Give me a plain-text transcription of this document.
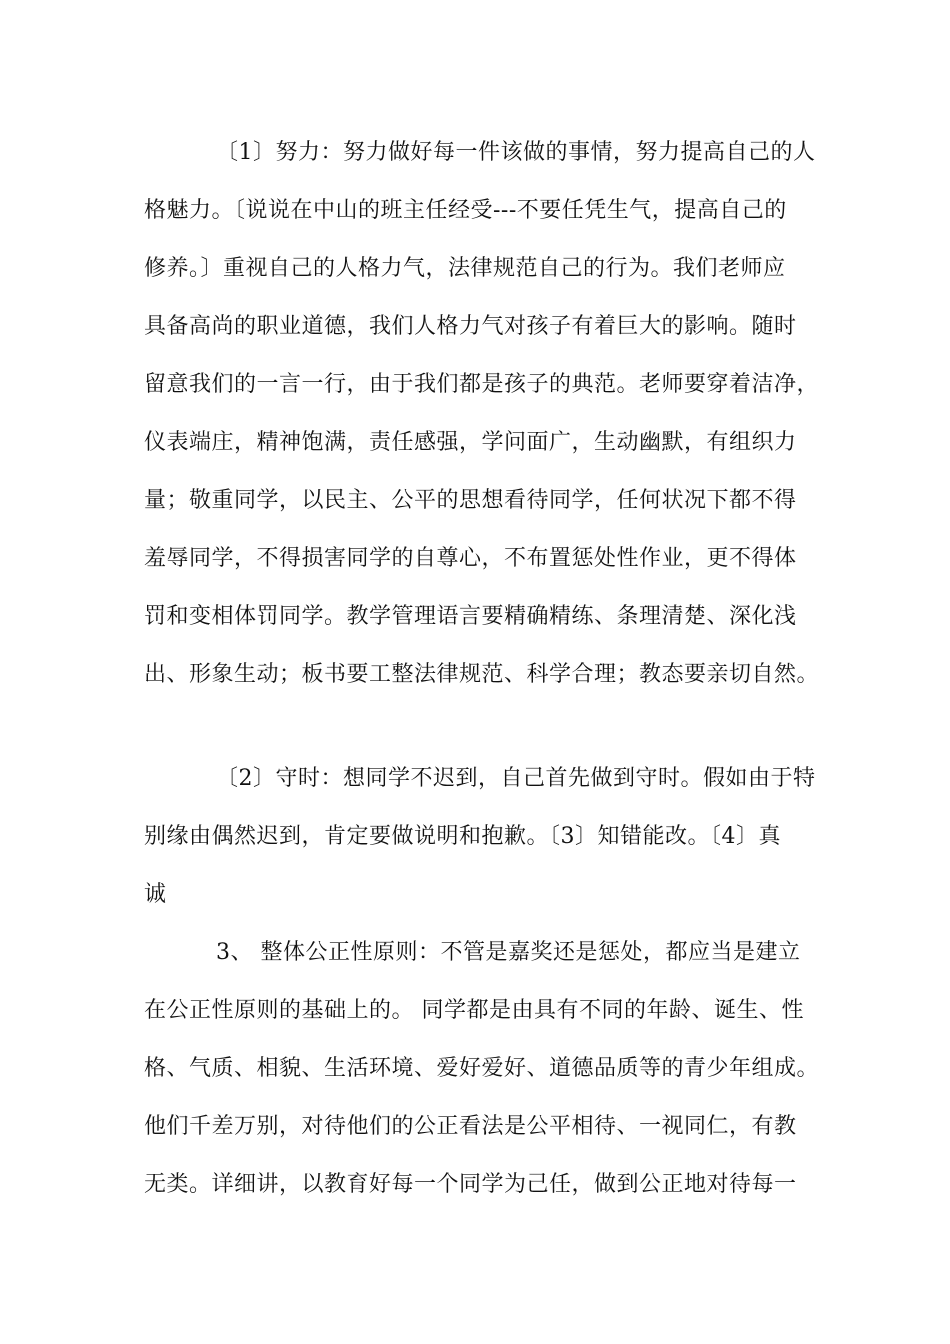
〔1〕努力：努力做好每一件该做的事情，努力提高自己的人
格魅力。〔说说在中山的班主任经受---不要任凭生气，提高自己的
修养。〕重视自己的人格力气，法律规范自己的行为。我们老师应
具备高尚的职业道德，我们人格力气对孩子有着巨大的影响。随时
留意我们的一言一行，由于我们都是孩子的典范。老师要穿着洁净，
仪表端庄，精神饱满，责任感强，学问面广，生动幽默，有组织力
量；敬重同学，以民主、公平的思想看待同学，任何状况下都不得
羞辱同学，不得损害同学的自尊心，不布置惩处性作业，更不得体
罚和变相体罚同学。教学管理语言要精确精练、条理清楚、深化浅
出、形象生动；板书要工整法律规范、科学合理；教态要亲切自然。
〔2〕守时：想同学不迟到，自己首先做到守时。假如由于特
别缘由偶然迟到，肯定要做说明和抱歉。〔3〕知错能改。〔4〕真
诚
3、 整体公正性原则：不管是嘉奖还是惩处，都应当是建立
在公正性原则的基础上的。 同学都是由具有不同的年龄、诞生、性
格、气质、相貌、生活环境、爱好爱好、道德品质等的青少年组成。
他们千差万别，对待他们的公正看法是公平相待、一视同仁，有教
无类。详细讲，以教育好每一个同学为己任，做到公正地对待每一
